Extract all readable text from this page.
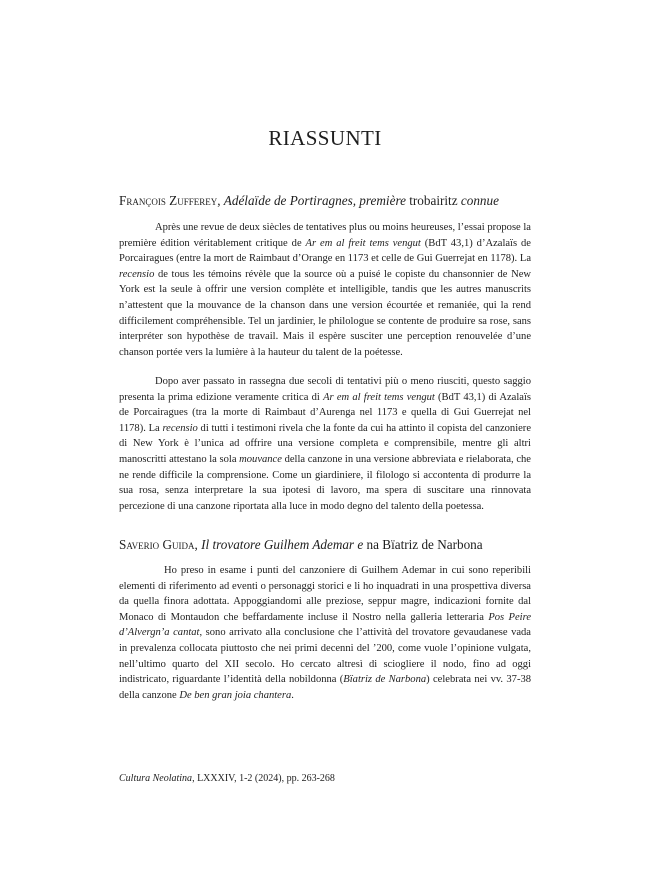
RIASSUNTI
François Zufferey, Adélaïde de Portiragnes, première trobairitz connue

Après une revue de deux siècles de tentatives plus ou moins heureuses, l’essai propose la première édition véritablement critique de Ar em al freit tems vengut (BdT 43,1) d’Azalaïs de Porcairagues (entre la mort de Raimbaut d’Orange en 1173 et celle de Gui Guerrejat en 1178). La recensio de tous les témoins révèle que la source où a puisé le copiste du chansonnier de New York est la seule à offrir une version complète et intelligible, tandis que les autres manuscrits n’attestent que la mouvance de la chanson dans une version écourtée et remaniée, qui la rend difficilement compréhensible. Tel un jardinier, le philologue se contente de produire sa rose, sans interpréter son hypothèse de travail. Mais il espère susciter une perception renouvelée d’une chanson portée vers la lumière à la hauteur du talent de la poétesse.

Dopo aver passato in rassegna due secoli di tentativi più o meno riusciti, questo saggio presenta la prima edizione veramente critica di Ar em al freit tems vengut (BdT 43,1) di Azalaïs de Porcairagues (tra la morte di Raimbaut d’Aurenga nel 1173 e quella di Gui Guerrejat nel 1178). La recensio di tutti i testimoni rivela che la fonte da cui ha attinto il copista del canzoniere di New York è l’unica ad offrire una versione completa e comprensibile, mentre gli altri manoscritti attestano la sola mouvance della canzone in una versione abbreviata e rielaborata, che ne rende difficile la comprensione. Come un giardiniere, il filologo si accontenta di produrre la sua rosa, senza interpretare la sua ipotesi di lavoro, ma spera di suscitare una rinnovata percezione di una canzone riportata alla luce in modo degno del talento della poetessa.

Saverio Guida, Il trovatore Guilhem Ademar e na Bïatriz de Narbona

Ho preso in esame i punti del canzoniere di Guilhem Ademar in cui sono reperibili elementi di riferimento ad eventi o personaggi storici e li ho inquadrati in una prospettiva diversa da quella finora adottata. Appoggiandomi alle preziose, seppur magre, indicazioni fornite dal Monaco di Montaudon che beffardamente incluse il Nostro nella galleria letteraria Pos Peire d’Alvergn’a cantat, sono arrivato alla conclusione che l’attività del trovatore gevaudanese vada in prevalenza collocata piuttosto che nei primi decenni del ’200, come vuole l’opinione vulgata, nell’ultimo quarto del XII secolo. Ho cercato altresì di sciogliere il nodo, fino ad oggi indistricato, riguardante l’identità della nobildonna (Bïatriz de Narbona) celebrata nei vv. 37-38 della canzone De ben gran joia chantera.

Cultura Neolatina, LXXXIV, 1-2 (2024), pp. 263-268
